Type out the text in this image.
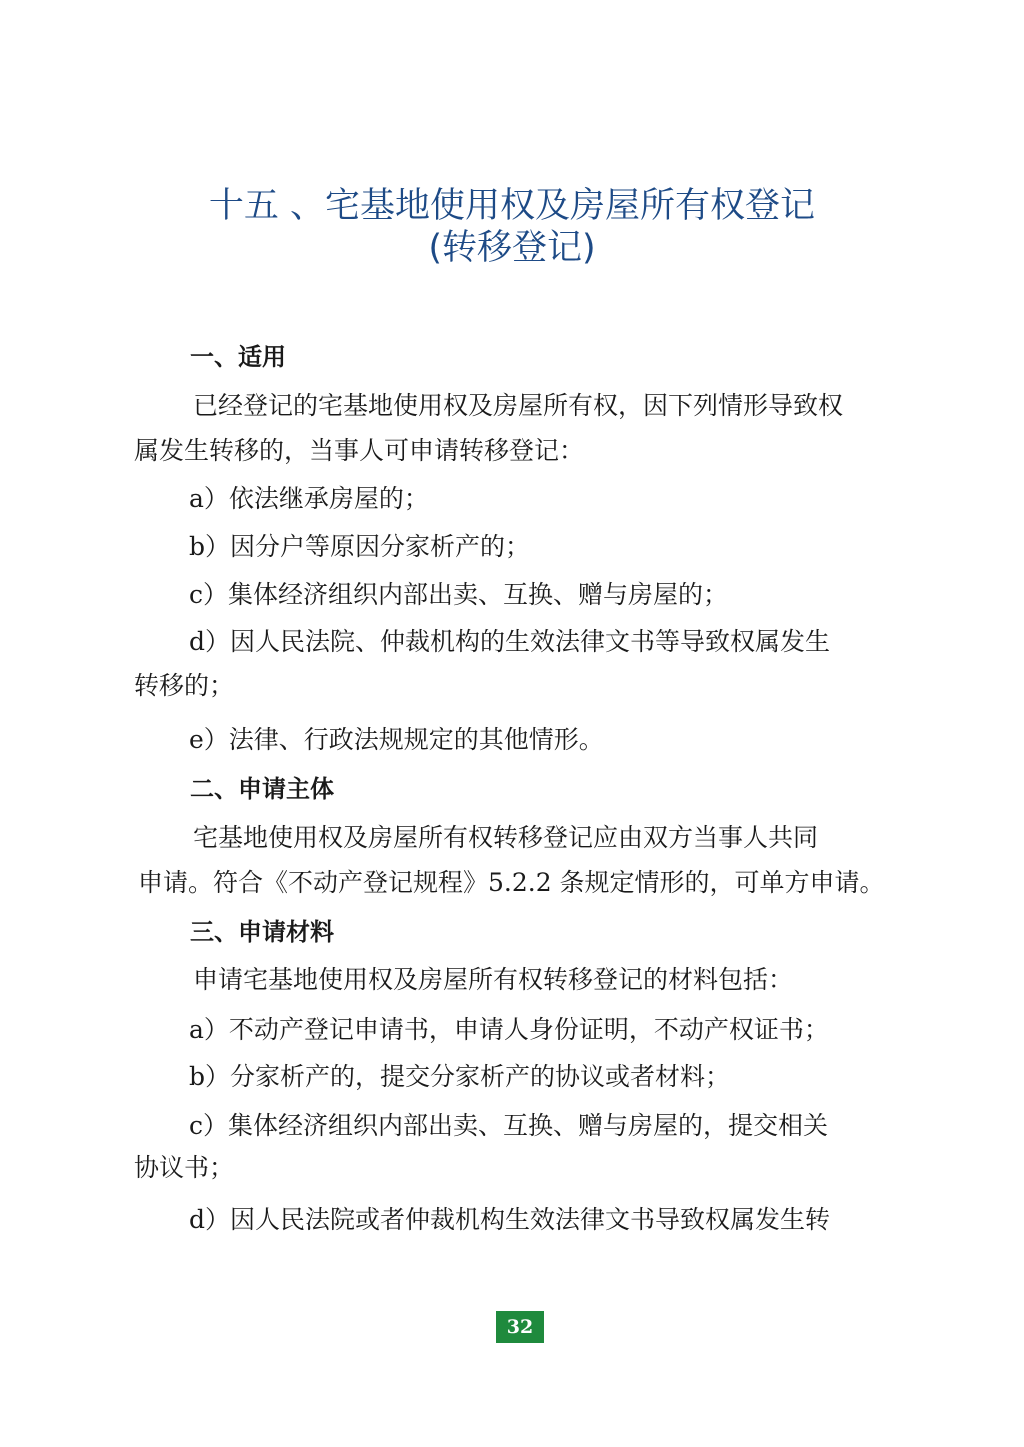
十五 、宅基地使用权及房屋所有权登记
(转移登记)

一、适用

已经登记的宅基地使用权及房屋所有权，因下列情形导致权

属发生转移的，当事人可申请转移登记：

a）依法继承房屋的；

b）因分户等原因分家析产的；

c）集体经济组织内部出卖、互换、赠与房屋的；

d）因人民法院、仲裁机构的生效法律文书等导致权属发生

转移的；

e）法律、行政法规规定的其他情形。

二、申请主体

宅基地使用权及房屋所有权转移登记应由双方当事人共同

申请。符合《不动产登记规程》5.2.2 条规定情形的，可单方申请。

三、申请材料

申请宅基地使用权及房屋所有权转移登记的材料包括：

a）不动产登记申请书，申请人身份证明，不动产权证书；

b）分家析产的，提交分家析产的协议或者材料；

c）集体经济组织内部出卖、互换、赠与房屋的，提交相关

协议书；

d）因人民法院或者仲裁机构生效法律文书导致权属发生转

32
